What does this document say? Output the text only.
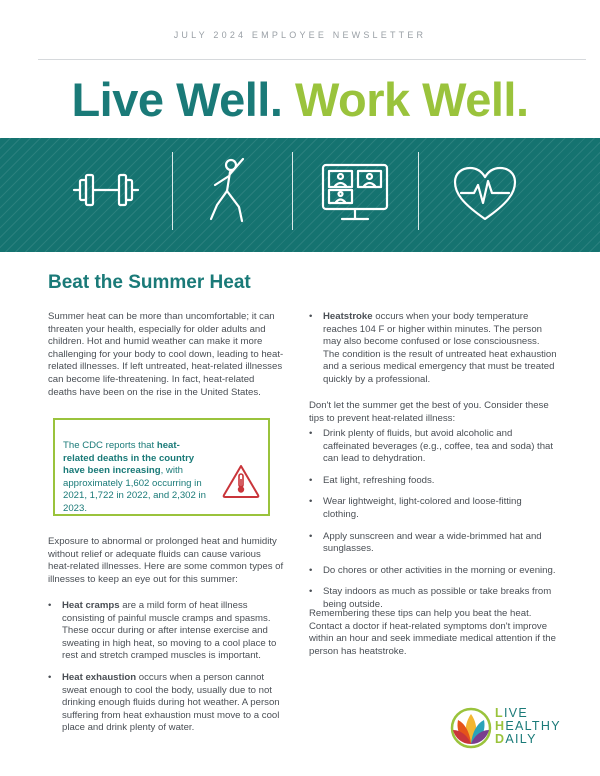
JULY 2024 EMPLOYEE NEWSLETTER
Live Well. Work Well.
Beat the Summer Heat

Summer heat can be more than uncomfortable; it can threaten your health, especially for older adults and children. Hot and humid weather can make it more challenging for your body to cool down, leading to heat-related illnesses. If left untreated, heat-related illnesses can become life-threatening. In fact, heat-related deaths have been on the rise in the United States.

The CDC reports that heat-related deaths in the country have been increasing, with approximately 1,602 occurring in 2021, 1,722 in 2022, and 2,302 in 2023.

Exposure to abnormal or prolonged heat and humidity without relief or adequate fluids can cause various heat-related illnesses. Here are some common types of illnesses to keep an eye out for this summer:

• Heat cramps are a mild form of heat illness consisting of painful muscle cramps and spasms. These occur during or after intense exercise and sweating in high heat, so moving to a cool place to rest and stretch cramped muscles is important.
• Heat exhaustion occurs when a person cannot sweat enough to cool the body, usually due to not drinking enough fluids during hot weather. A person suffering from heat exhaustion must move to a cool place and drink plenty of water.
• Heatstroke occurs when your body temperature reaches 104 F or higher within minutes. The person may also become confused or lose consciousness. The condition is the result of untreated heat exhaustion and a serious medical emergency that must be treated quickly by a professional.

Don't let the summer get the best of you. Consider these tips to prevent heat-related illness:

• Drink plenty of fluids, but avoid alcoholic and caffeinated beverages (e.g., coffee, tea and soda) that can lead to dehydration.
• Eat light, refreshing foods.
• Wear lightweight, light-colored and loose-fitting clothing.
• Apply sunscreen and wear a wide-brimmed hat and sunglasses.
• Do chores or other activities in the morning or evening.
• Stay indoors as much as possible or take breaks from being outside.

Remembering these tips can help you beat the heat. Contact a doctor if heat-related symptoms don't improve within an hour and seek immediate medical attention if the person has heatstroke.

LIVE
HEALTHY
DAILY
